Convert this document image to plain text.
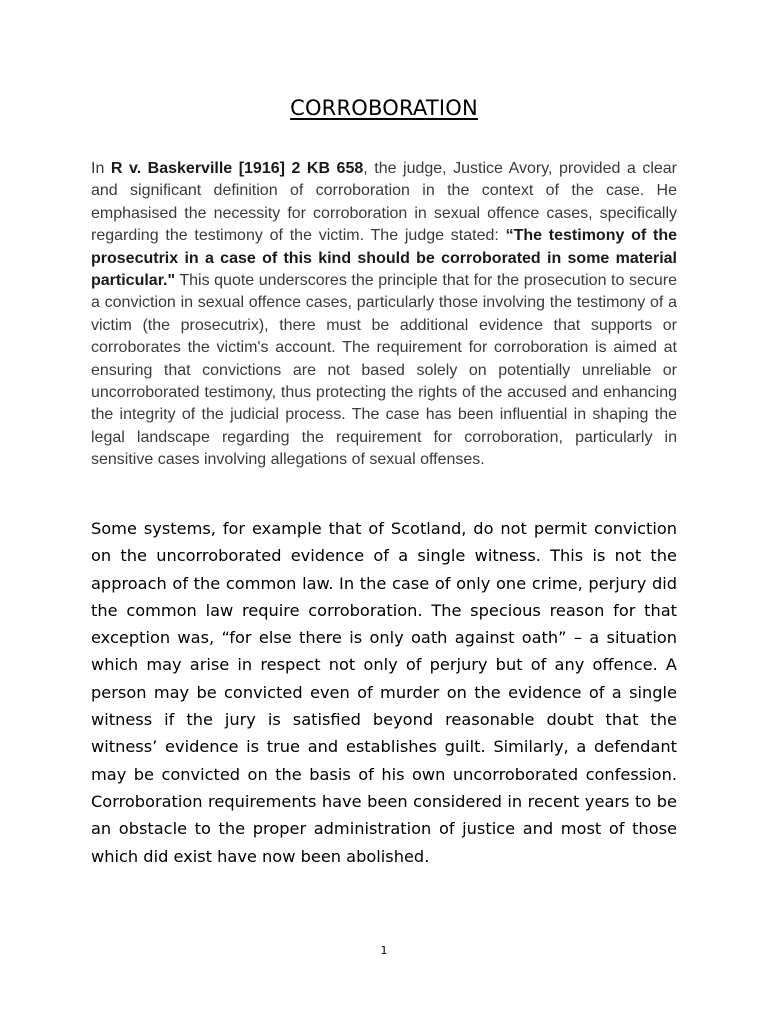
CORROBORATION

In R v. Baskerville [1916] 2 KB 658, the judge, Justice Avory, provided a clear and significant definition of corroboration in the context of the case. He emphasised the necessity for corroboration in sexual offence cases, specifically regarding the testimony of the victim. The judge stated: “The testimony of the prosecutrix in a case of this kind should be corroborated in some material particular." This quote underscores the principle that for the prosecution to secure a conviction in sexual offence cases, particularly those involving the testimony of a victim (the prosecutrix), there must be additional evidence that supports or corroborates the victim's account. The requirement for corroboration is aimed at ensuring that convictions are not based solely on potentially unreliable or uncorroborated testimony, thus protecting the rights of the accused and enhancing the integrity of the judicial process. The case has been influential in shaping the legal landscape regarding the requirement for corroboration, particularly in sensitive cases involving allegations of sexual offenses.

Some systems, for example that of Scotland, do not permit conviction on the uncorroborated evidence of a single witness. This is not the approach of the common law. In the case of only one crime, perjury did the common law require corroboration. The specious reason for that exception was, “for else there is only oath against oath” – a situation which may arise in respect not only of perjury but of any offence. A person may be convicted even of murder on the evidence of a single witness if the jury is satisfied beyond reasonable doubt that the witness’ evidence is true and establishes guilt. Similarly, a defendant may be convicted on the basis of his own uncorroborated confession. Corroboration requirements have been considered in recent years to be an obstacle to the proper administration of justice and most of those which did exist have now been abolished.

1
